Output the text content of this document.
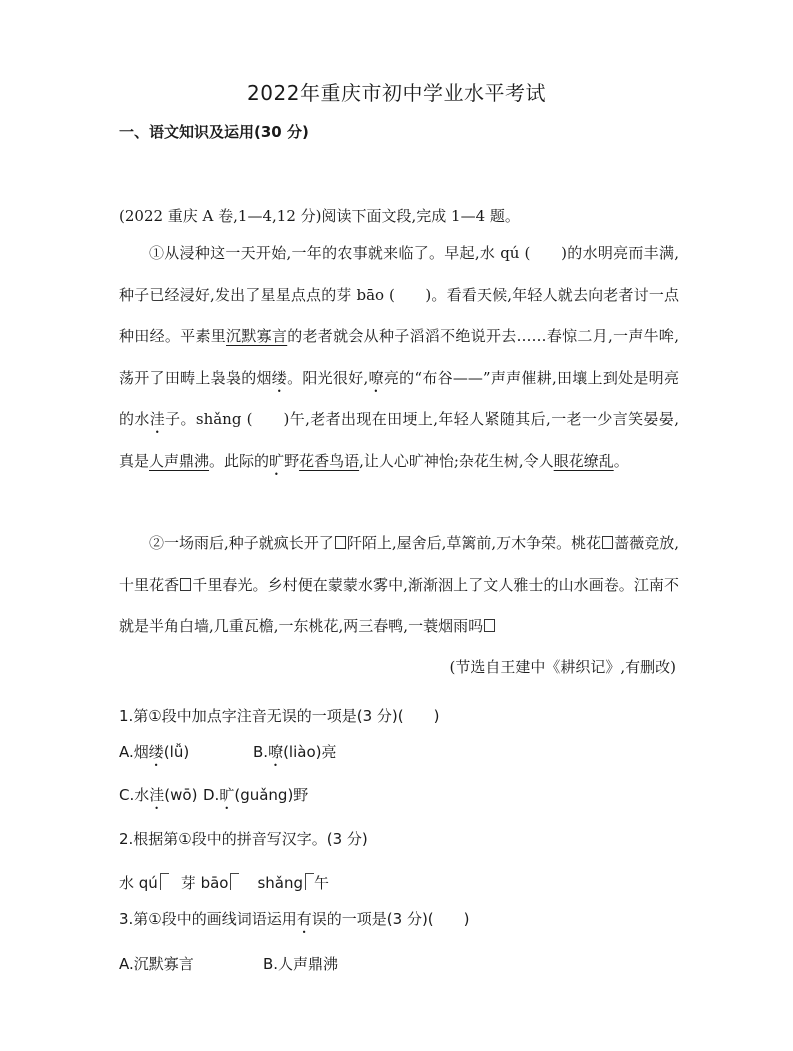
2022年重庆市初中学业水平考试
一、语文知识及运用(30 分)
(2022 重庆 A 卷,1—4,12 分)阅读下面文段,完成 1—4 题。

①从浸种这一天开始,一年的农事就来临了。早起,水 qú (　　)的水明亮而丰满,种子已经浸好,发出了星星点点的芽 bāo (　　)。看看天候,年轻人就去向老者讨一点种田经。平素里沉默寡言的老者就会从种子滔滔不绝说开去……春惊二月,一声牛哞,荡开了田畴上袅袅的烟缕。阳光很好,嘹亮的“布谷——”声声催耕,田壤上到处是明亮的水洼子。shǎng (　　)午,老者出现在田埂上,年轻人紧随其后,一老一少言笑晏晏,真是人声鼎沸。此际的旷野花香鸟语,让人心旷神怡;杂花生树,令人眼花缭乱。

②一场雨后,种子就疯长开了 阡陌上,屋舍后,草篱前,万木争荣。桃花 蔷薇竞放,十里花香 千里春光。乡村便在蒙蒙水雾中,渐渐洇上了文人雅士的山水画卷。江南不就是半角白墙,几重瓦檐,一东桃花,两三春鸭,一蓑烟雨吗

(节选自王建中《耕织记》,有删改)
1.第①段中加点字注音无误的一项是(3 分)(　　)
A.烟缕(lǚ)	B.嘹(liào)亮
C.水洼(wō) D.旷(guǎng)野
2.根据第①段中的拼音写汉字。(3 分)
水 qú 芽 bāo shǎng 午
3.第①段中的画线词语运用有误的一项是(3 分)(　　)
A.沉默寡言	B.人声鼎沸
